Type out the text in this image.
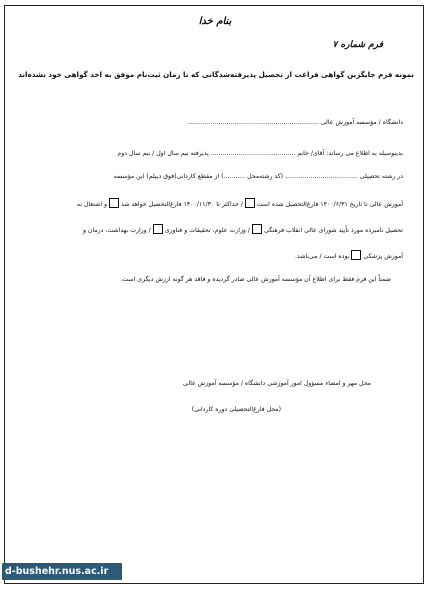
بنام خدا
فرم شماره ۷
نمونه فرم جایگزین گواهی فراغت از تحصیل پذیرفته‌شدگانی که تا زمان ثبت‌نام موفق به اخذ گواهی خود نشده‌اند
دانشگاه / مؤسسه آموزش عالی ...................................................................
بدینوسیله به اطلاع می رساند: آقای/ خانم ........................................... پذیرفته نیم سال اول / نیم سال دوم
در رشته تحصیلی ..................................... (کد رشته‌محل ...........) از مقطع کاردانی(فوق دیپلم) این مؤسسه
آموزش عالی تا تاریخ ۱۴۰۰/۶/۳۱ فارغ‌التحصیل شده است/ حداکثر تا ۱۴۰۰/۱۱/۳۰ فارغ‌التحصیل خواهد شدو اشتغال به
تحصیل نامبرده مورد تأیید شورای عالی انقلاب فرهنگی/ وزارت علوم، تحقیقات و فناوری/ وزارت بهداشت، درمان و
آموزش پزشکیبوده است / می‌باشد.
ضمناً این فرم فقط برای اطلاع آن مؤسسه آموزش عالی صادر گردیده و فاقد هر گونه ارزش دیگری است.
محل مهر و امضاء مسؤول امور آموزشی دانشگاه / مؤسسه آموزش عالی
(محل فارغ‌التحصیلی دوره کاردانی)
d-bushehr.nus.ac.ir
